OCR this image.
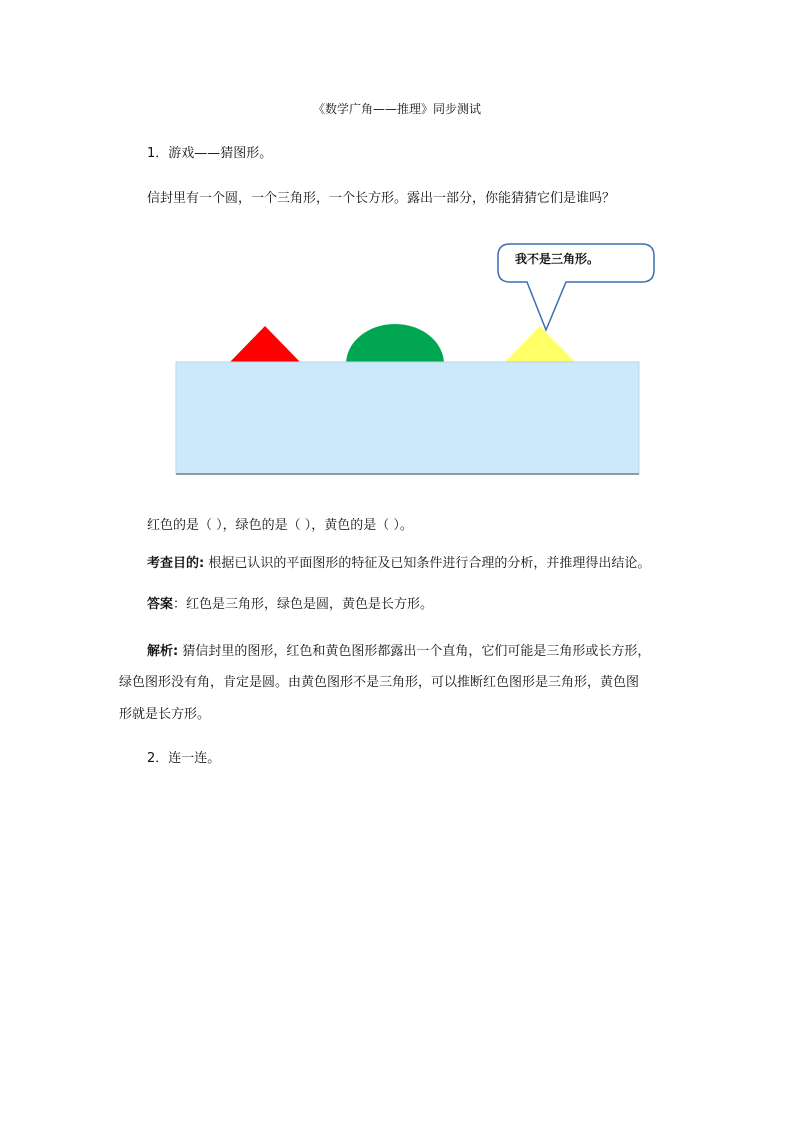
《数学广角——推理》同步测试
1．游戏——猜图形。
信封里有一个圆，一个三角形，一个长方形。露出一部分，你能猜猜它们是谁吗？
我不是三角形。
红色的是（ ），绿色的是（ ），黄色的是（ ）。
考查目的: 根据已认识的平面图形的特征及已知条件进行合理的分析，并推理得出结论。
答案：红色是三角形，绿色是圆，黄色是长方形。
解析: 猜信封里的图形，红色和黄色图形都露出一个直角，它们可能是三角形或长方形，
绿色图形没有角，肯定是圆。由黄色图形不是三角形，可以推断红色图形是三角形，黄色图
形就是长方形。
2．连一连。
